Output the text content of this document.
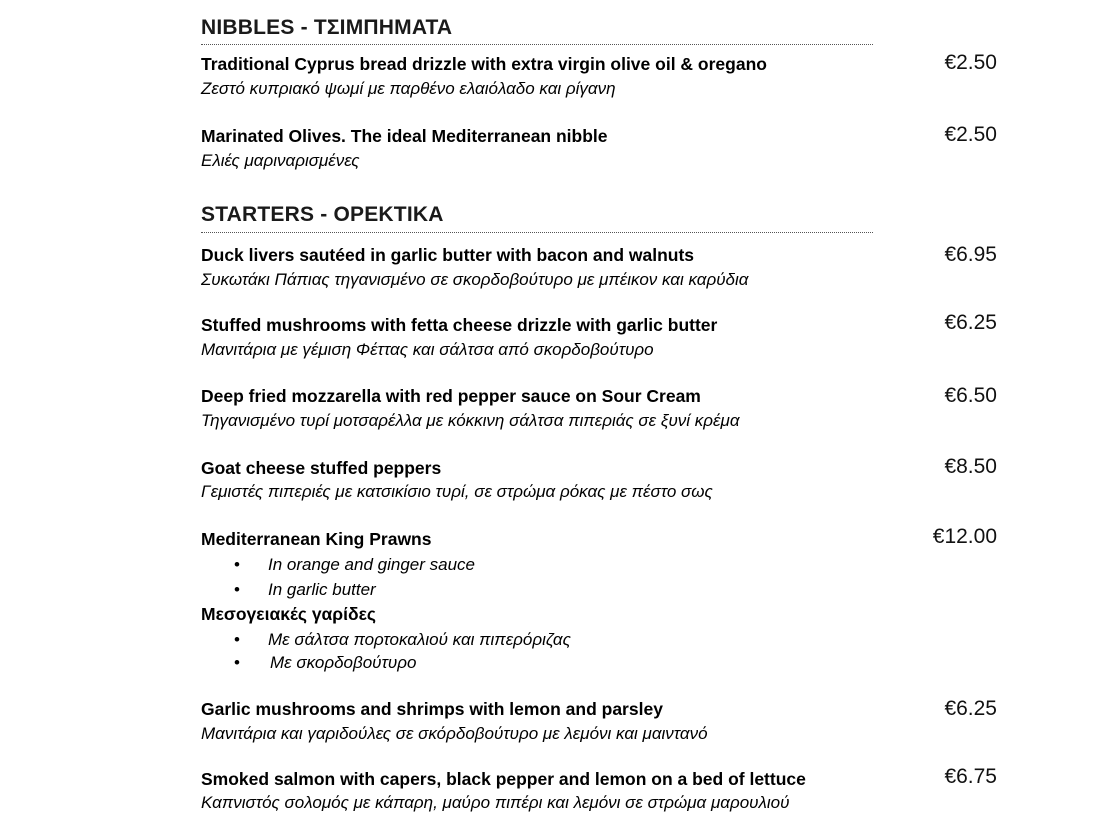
NIBBLES - ΤΣΙΜΠΗΜΑΤΑ
Traditional Cyprus bread drizzle with extra virgin olive oil & oregano
Ζεστό κυπριακό ψωμί με παρθένο ελαιόλαδο και ρίγανη
€2.50
Marinated Olives. The ideal Mediterranean nibble
Ελιές μαριναρισμένες
€2.50
STARTERS - ΟΡΕΚΤΙΚΑ
Duck livers sautéed in garlic butter with bacon and walnuts
Συκωτάκι Πάπιας τηγανισμένο σε σκορδοβούτυρο με μπέικον και καρύδια
€6.95
Stuffed mushrooms with fetta cheese drizzle with garlic butter
Μανιτάρια με γέμιση Φέττας και σάλτσα από σκορδοβούτυρο
€6.25
Deep fried mozzarella with red pepper sauce on Sour Cream
Τηγανισμένο τυρί μοτσαρέλλα με κόκκινη σάλτσα πιπεριάς σε ξυνί κρέμα
€6.50
Goat cheese stuffed peppers
Γεμιστές πιπεριές με κατσικίσιο τυρί, σε στρώμα ρόκας με πέστο σως
€8.50
Mediterranean King Prawns	€12.00
• In orange and ginger sauce
• In garlic butter
Μεσογειακές γαρίδες
• Με σάλτσα πορτοκαλιού και πιπερόριζας
• Με σκορδοβούτυρο
Garlic mushrooms and shrimps with lemon and parsley
Μανιτάρια και γαριδούλες σε σκόρδοβούτυρο με λεμόνι και μαιντανό
€6.25
Smoked salmon with capers, black pepper and lemon on a bed of lettuce
Καπνιστός σολομός με κάπαρη, μαύρο πιπέρι και λεμόνι σε στρώμα μαρουλιού
€6.75
